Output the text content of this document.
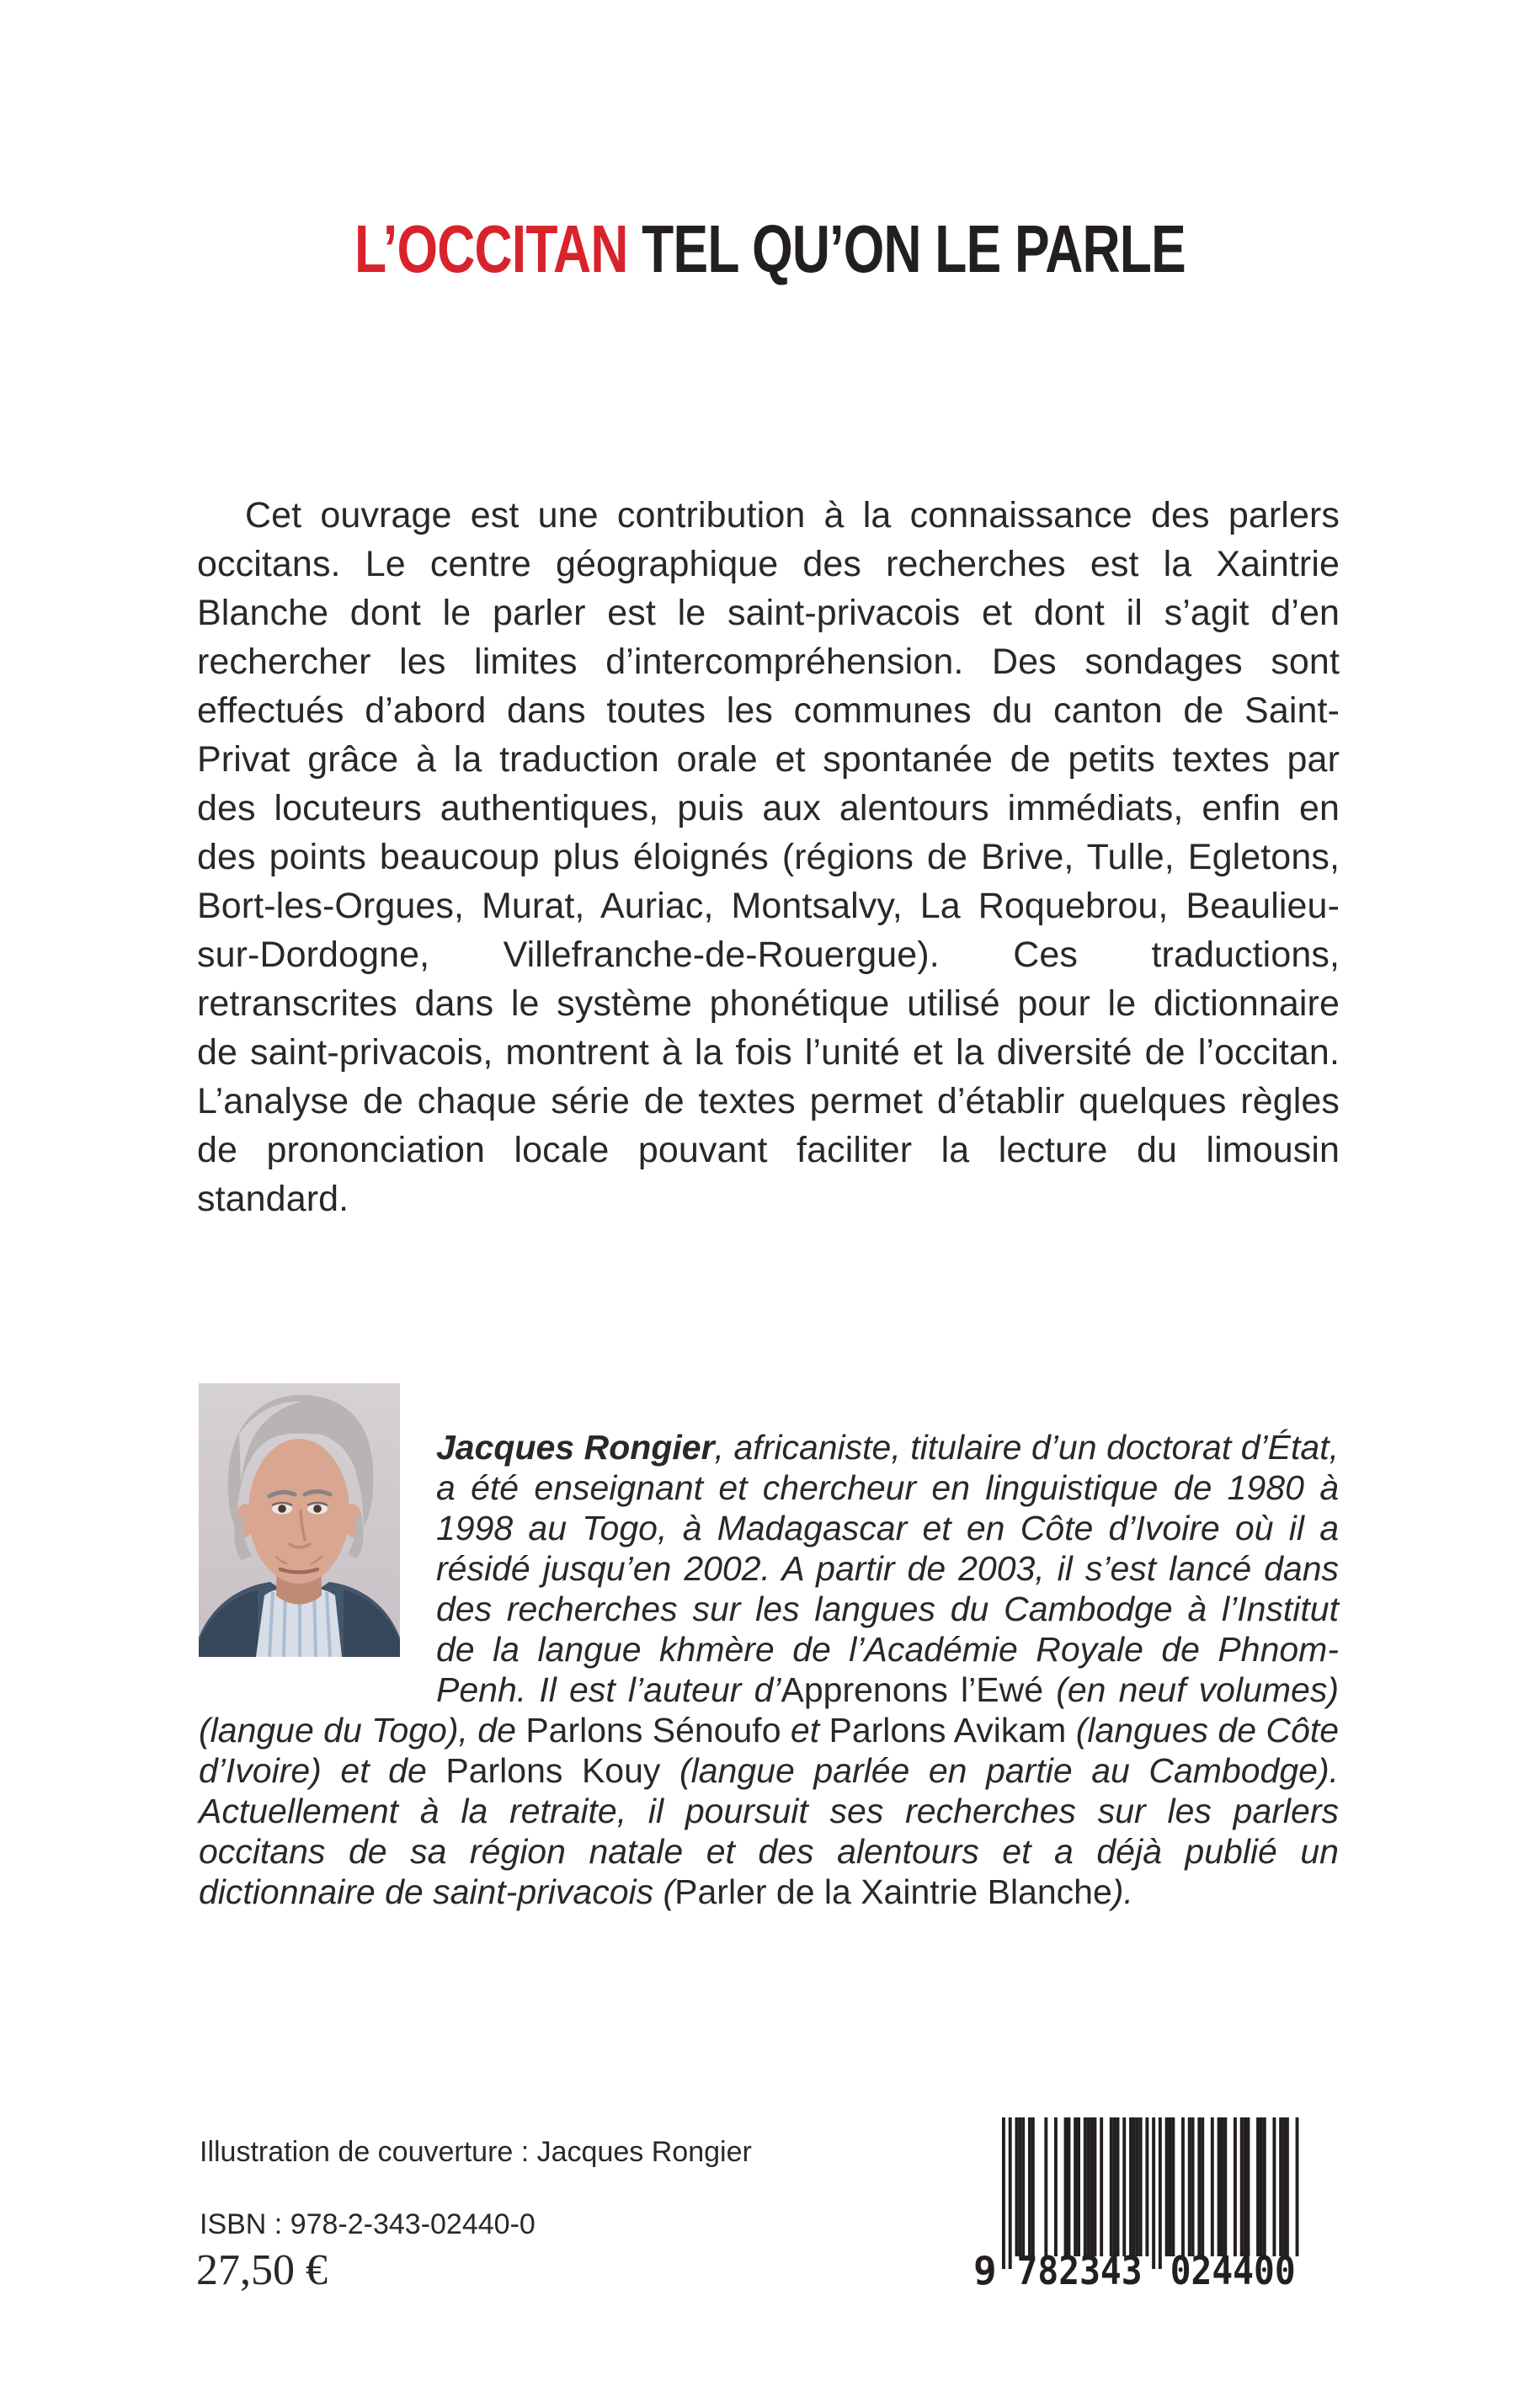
L’OCCITAN TEL QU’ON LE PARLE

Cet ouvrage est une contribution à la connaissance des parlers occitans. Le centre géographique des recherches est la Xaintrie Blanche dont le parler est le saint-privacois et dont il s’agit d’en rechercher les limites d’intercompréhension. Des sondages sont effectués d’abord dans toutes les communes du canton de Saint-Privat grâce à la traduction orale et spontanée de petits textes par des locuteurs authentiques, puis aux alentours immédiats, enfin en des points beaucoup plus éloignés (régions de Brive, Tulle, Egletons, Bort-les-Orgues, Murat, Auriac, Montsalvy, La Roquebrou, Beaulieu-sur-Dordogne, Villefranche-de-Rouergue). Ces traductions, retranscrites dans le système phonétique utilisé pour le dictionnaire de saint-privacois, montrent à la fois l’unité et la diversité de l’occitan. L’analyse de chaque série de textes permet d’établir quelques règles de prononciation locale pouvant faciliter la lecture du limousin standard.

Jacques Rongier, africaniste, titulaire d’un doctorat d’État, a été enseignant et chercheur en linguistique de 1980 à 1998 au Togo, à Madagascar et en Côte d’Ivoire où il a résidé jusqu’en 2002. A partir de 2003, il s’est lancé dans des recherches sur les langues du Cambodge à l’Institut de la langue khmère de l’Académie Royale de Phnom-Penh. Il est l’auteur d’Apprenons l’Ewé (en neuf volumes) (langue du Togo), de Parlons Sénoufo et Parlons Avikam (langues de Côte d’Ivoire) et de Parlons Kouy (langue parlée en partie au Cambodge). Actuellement à la retraite, il poursuit ses recherches sur les parlers occitans de sa région natale et des alentours et a déjà publié un dictionnaire de saint-privacois (Parler de la Xaintrie Blanche).
Illustration de couverture : Jacques Rongier
ISBN : 978-2-343-02440-0
27,50 €	9 782343 024400
